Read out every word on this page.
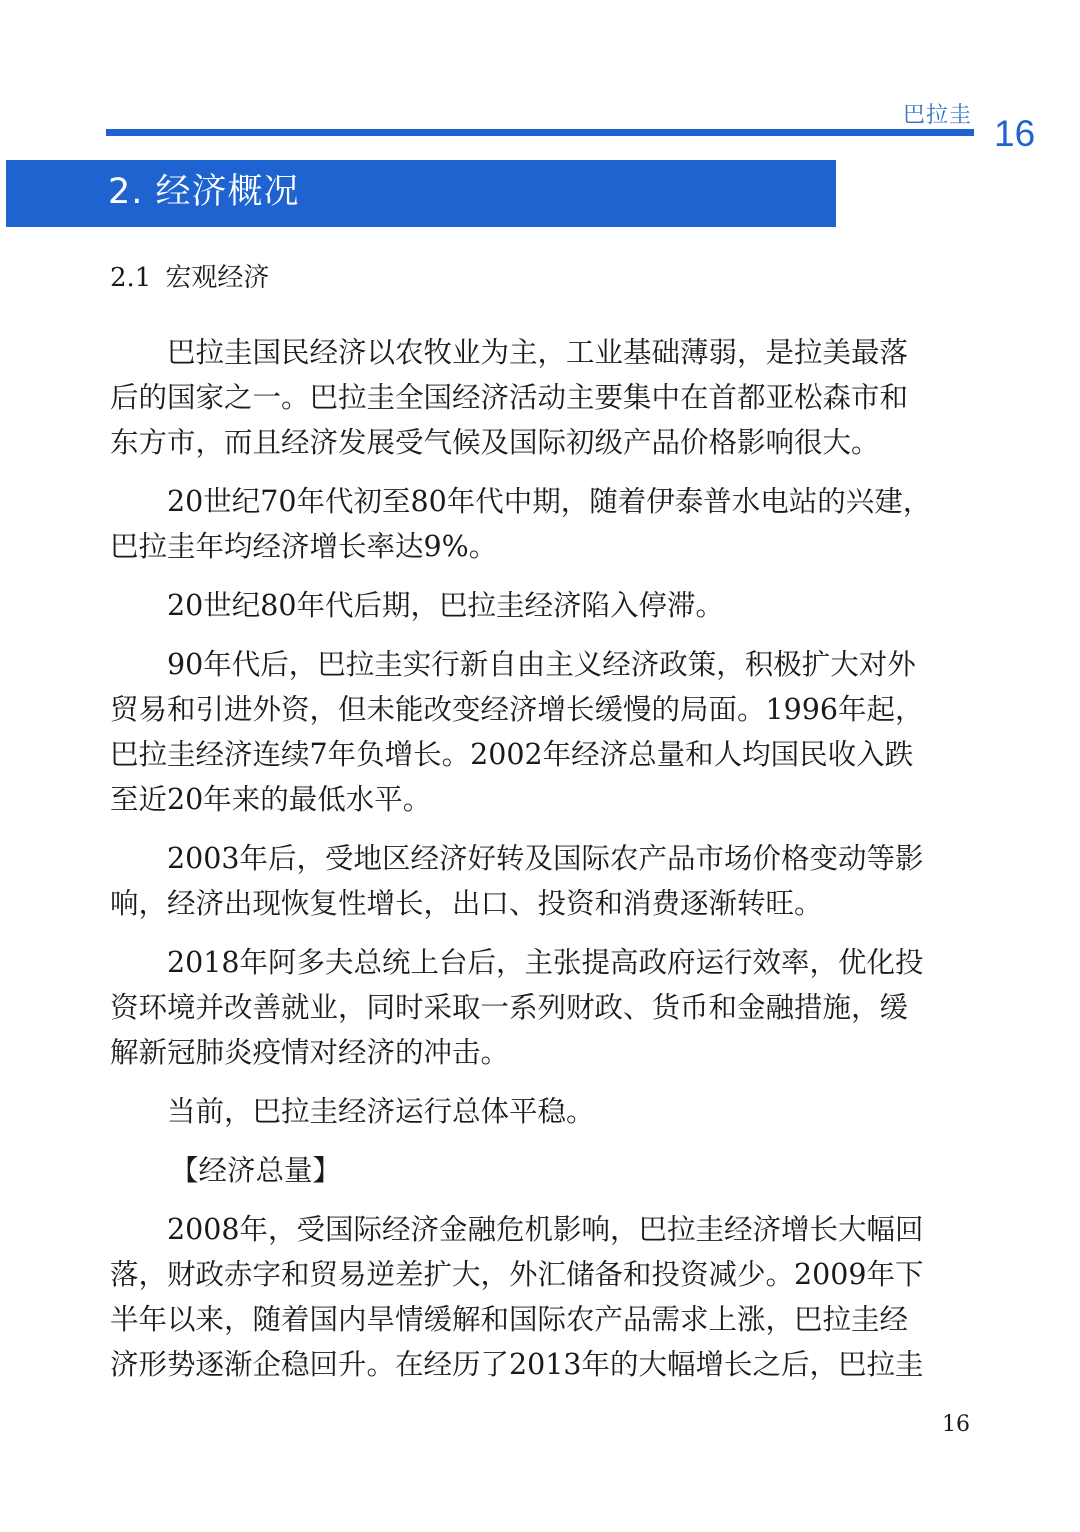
巴拉圭 16
2. 经济概况
2.1 宏观经济

巴拉圭国民经济以农牧业为主，工业基础薄弱，是拉美最落
后的国家之一。巴拉圭全国经济活动主要集中在首都亚松森市和
东方市，而且经济发展受气候及国际初级产品价格影响很大。

20世纪70年代初至80年代中期，随着伊泰普水电站的兴建，
巴拉圭年均经济增长率达9%。

20世纪80年代后期，巴拉圭经济陷入停滞。

90年代后，巴拉圭实行新自由主义经济政策，积极扩大对外
贸易和引进外资，但未能改变经济增长缓慢的局面。1996年起，
巴拉圭经济连续7年负增长。2002年经济总量和人均国民收入跌
至近20年来的最低水平。

2003年后，受地区经济好转及国际农产品市场价格变动等影
响，经济出现恢复性增长，出口、投资和消费逐渐转旺。

2018年阿多夫总统上台后，主张提高政府运行效率，优化投
资环境并改善就业，同时采取一系列财政、货币和金融措施，缓
解新冠肺炎疫情对经济的冲击。

当前，巴拉圭经济运行总体平稳。

【经济总量】

2008年，受国际经济金融危机影响，巴拉圭经济增长大幅回
落，财政赤字和贸易逆差扩大，外汇储备和投资减少。2009年下
半年以来，随着国内旱情缓解和国际农产品需求上涨，巴拉圭经
济形势逐渐企稳回升。在经历了2013年的大幅增长之后，巴拉圭

16
